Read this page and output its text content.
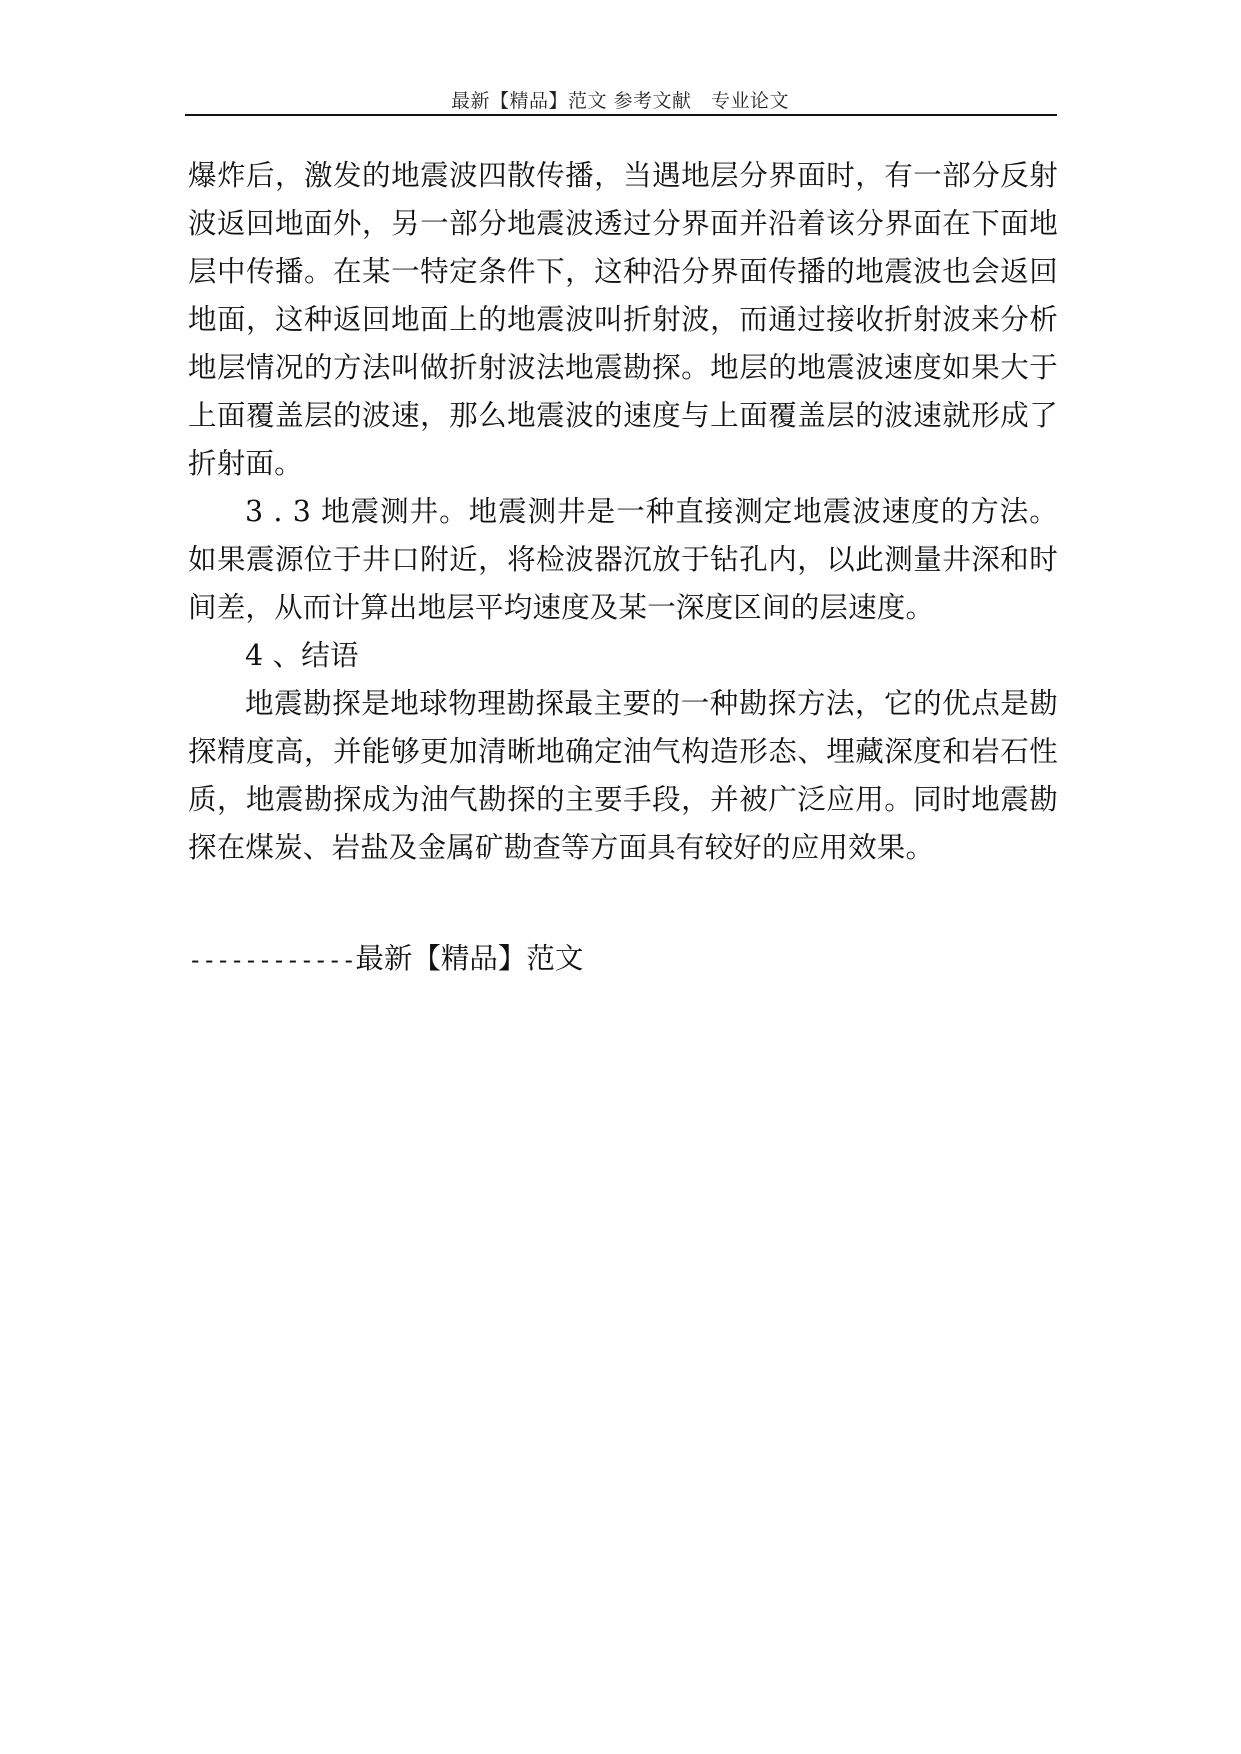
最新【精品】范文 参考文献　专业论文

爆炸后，激发的地震波四散传播，当遇地层分界面时，有一部分反射波返回地面外，另一部分地震波透过分界面并沿着该分界面在下面地层中传播。在某一特定条件下，这种沿分界面传播的地震波也会返回地面，这种返回地面上的地震波叫折射波，而通过接收折射波来分析地层情况的方法叫做折射波法地震勘探。地层的地震波速度如果大于上面覆盖层的波速，那么地震波的速度与上面覆盖层的波速就形成了折射面。

3 . 3 地震测井。地震测井是一种直接测定地震波速度的方法。如果震源位于井口附近，将检波器沉放于钻孔内，以此测量井深和时间差，从而计算出地层平均速度及某一深度区间的层速度。

4 、结语

地震勘探是地球物理勘探最主要的一种勘探方法，它的优点是勘探精度高，并能够更加清晰地确定油气构造形态、埋藏深度和岩石性质，地震勘探成为油气勘探的主要手段，并被广泛应用。同时地震勘探在煤炭、岩盐及金属矿勘查等方面具有较好的应用效果。

------------最新【精品】范文
